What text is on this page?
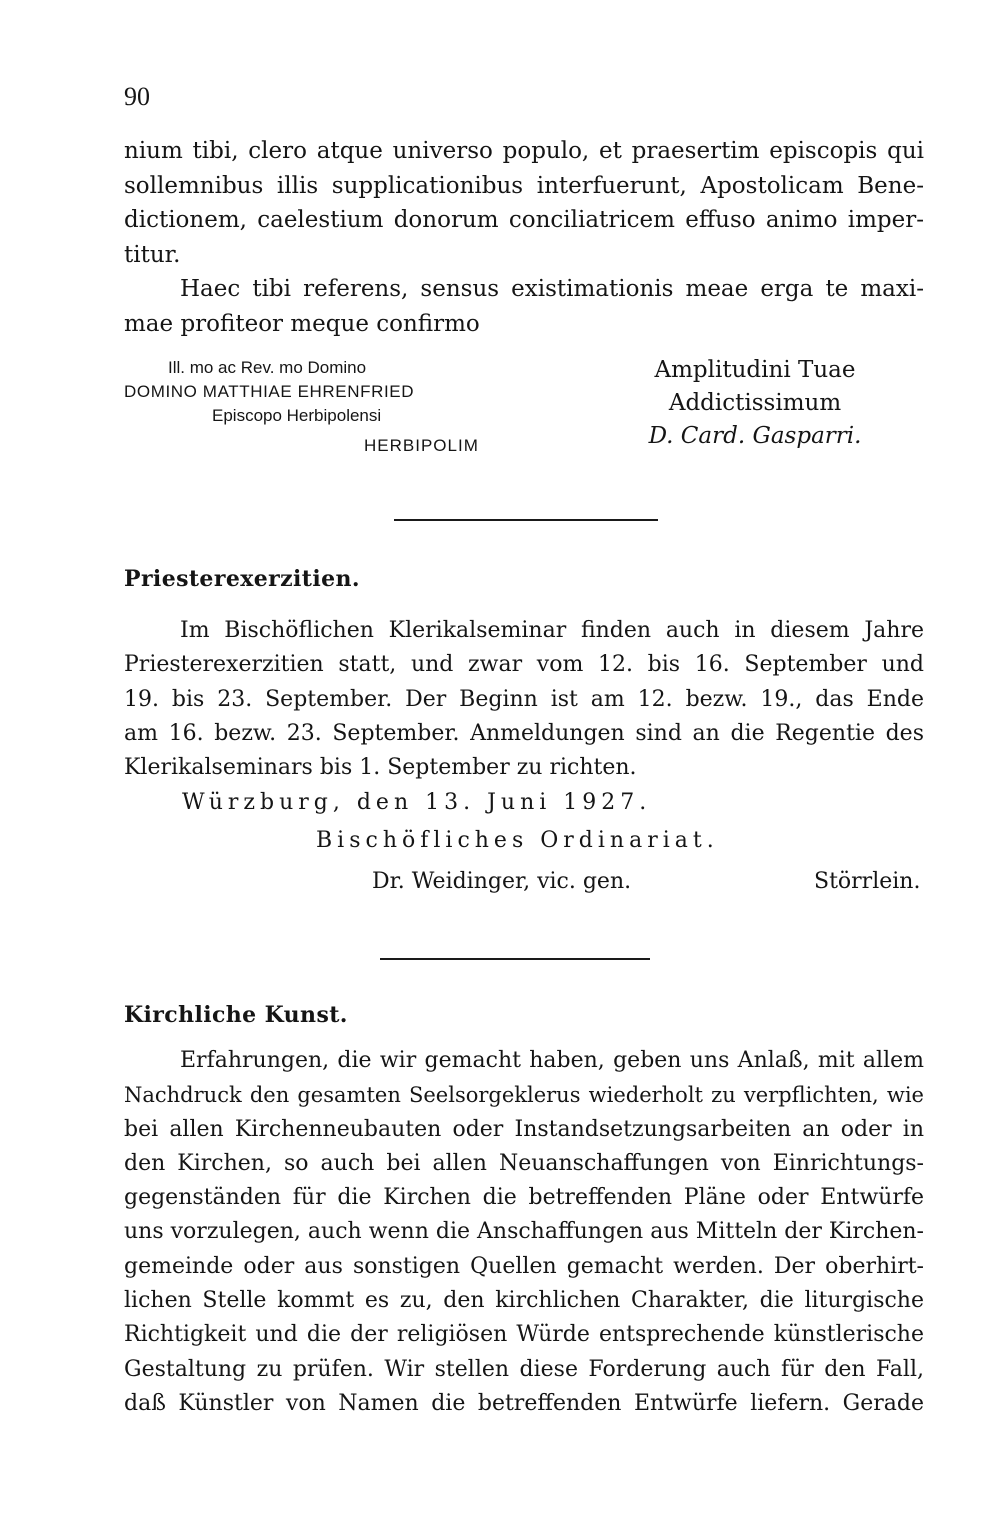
90
nium tibi, clero atque universo populo, et praesertim episcopis qui
sollemnibus illis supplicationibus interfuerunt, Apostolicam Bene-
dictionem, caelestium donorum conciliatricem effuso animo imper-
titur.
Haec tibi referens, sensus existimationis meae erga te maxi-
mae profiteor meque confirmo
Ill. mo ac Rev. mo Domino
DOMINO MATTHIAE EHRENFRIED
Episcopo Herbipolensi
HERBIPOLIM
Amplitudini Tuae
Addictissimum
D. Card. Gasparri.
Priesterexerzitien.
Im Bischöflichen Klerikalseminar finden auch in diesem Jahre
Priesterexerzitien statt, und zwar vom 12. bis 16. September und
19. bis 23. September. Der Beginn ist am 12. bezw. 19., das Ende
am 16. bezw. 23. September. Anmeldungen sind an die Regentie des
Klerikalseminars bis 1. September zu richten.
Würzburg, den 13. Juni 1927.
Bischöfliches Ordinariat.
Dr. Weidinger, vic. gen.	Störrlein.
Kirchliche Kunst.
Erfahrungen, die wir gemacht haben, geben uns Anlaß, mit allem
Nachdruck den gesamten Seelsorgeklerus wiederholt zu verpflichten, wie
bei allen Kirchenneubauten oder Instandsetzungsarbeiten an oder in
den Kirchen, so auch bei allen Neuanschaffungen von Einrichtungs-
gegenständen für die Kirchen die betreffenden Pläne oder Entwürfe
uns vorzulegen, auch wenn die Anschaffungen aus Mitteln der Kirchen-
gemeinde oder aus sonstigen Quellen gemacht werden. Der oberhirt-
lichen Stelle kommt es zu, den kirchlichen Charakter, die liturgische
Richtigkeit und die der religiösen Würde entsprechende künstlerische
Gestaltung zu prüfen. Wir stellen diese Forderung auch für den Fall,
daß Künstler von Namen die betreffenden Entwürfe liefern. Gerade
